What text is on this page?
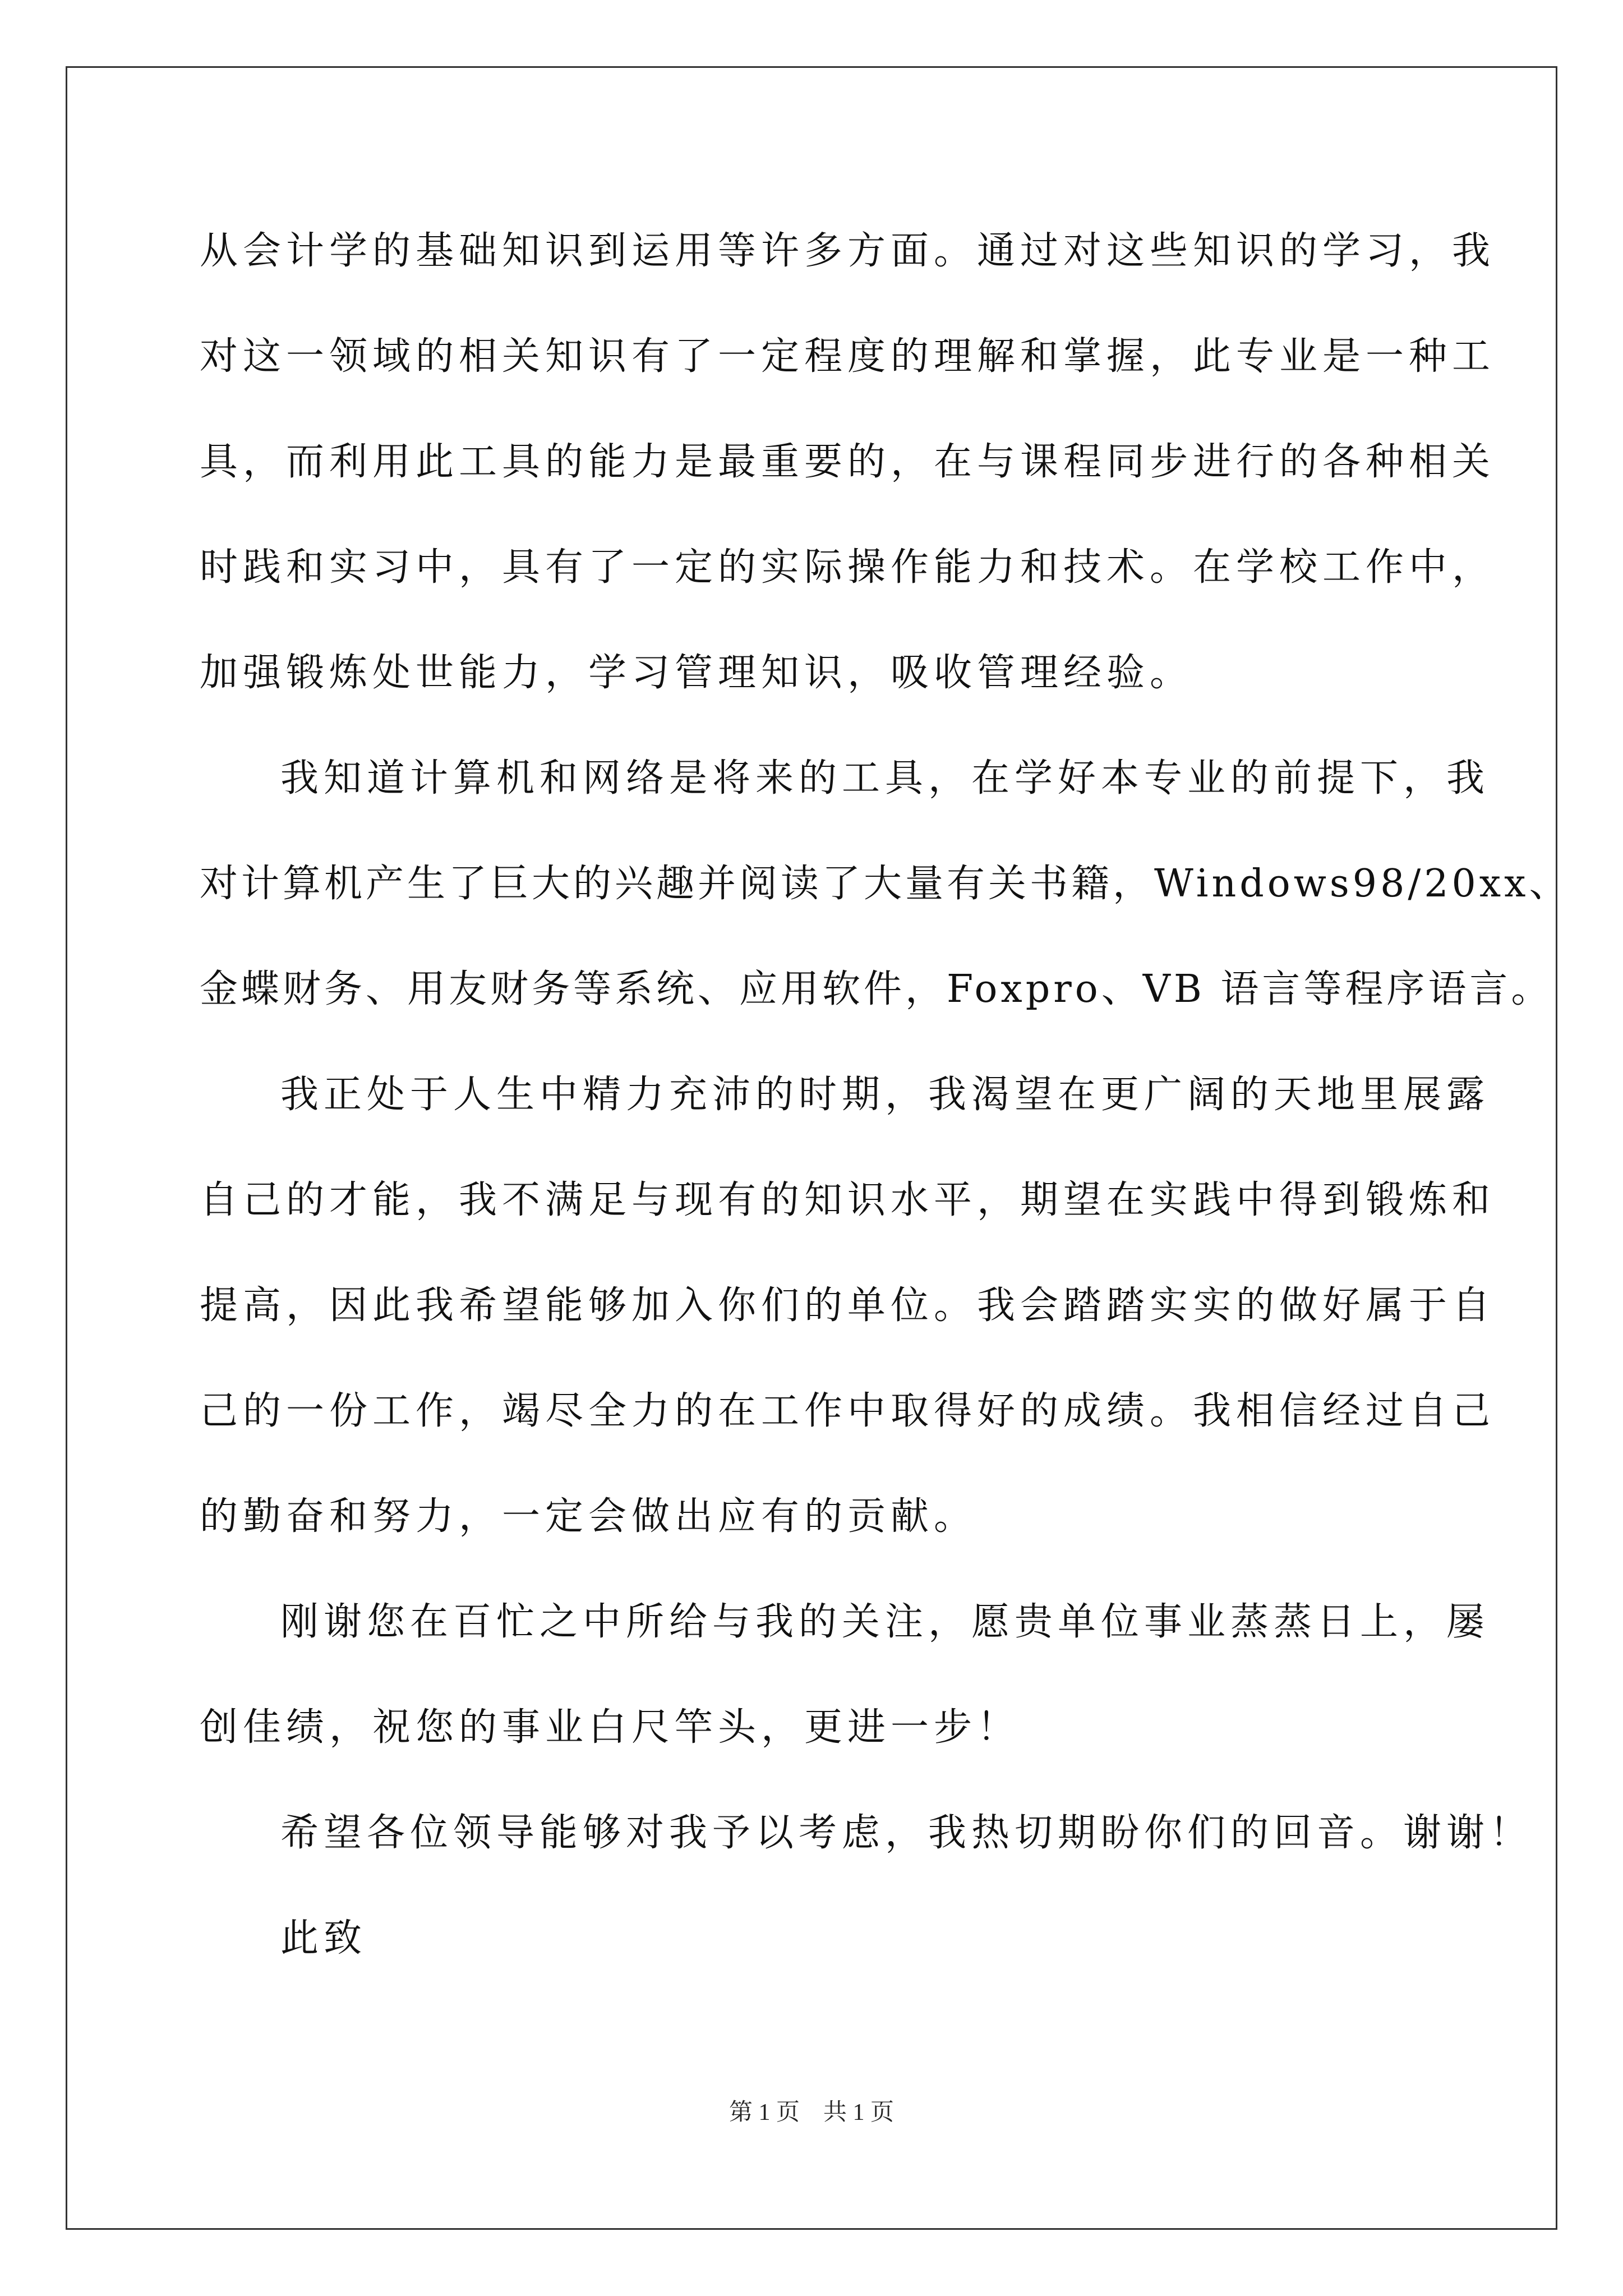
从会计学的基础知识到运用等许多方面。通过对这些知识的学习，我
对这一领域的相关知识有了一定程度的理解和掌握，此专业是一种工
具，而利用此工具的能力是最重要的，在与课程同步进行的各种相关
时践和实习中，具有了一定的实际操作能力和技术。在学校工作中，
加强锻炼处世能力，学习管理知识，吸收管理经验。
我知道计算机和网络是将来的工具，在学好本专业的前提下，我
对计算机产生了巨大的兴趣并阅读了大量有关书籍，Windows98/20xx、
金蝶财务、用友财务等系统、应用软件，Foxpro、VB 语言等程序语言。
我正处于人生中精力充沛的时期，我渴望在更广阔的天地里展露
自己的才能，我不满足与现有的知识水平，期望在实践中得到锻炼和
提高，因此我希望能够加入你们的单位。我会踏踏实实的做好属于自
己的一份工作，竭尽全力的在工作中取得好的成绩。我相信经过自己
的勤奋和努力，一定会做出应有的贡献。
刚谢您在百忙之中所给与我的关注，愿贵单位事业蒸蒸日上，屡
创佳绩，祝您的事业白尺竿头，更进一步！
希望各位领导能够对我予以考虑，我热切期盼你们的回音。谢谢！
此致
第 1 页　共 1 页
